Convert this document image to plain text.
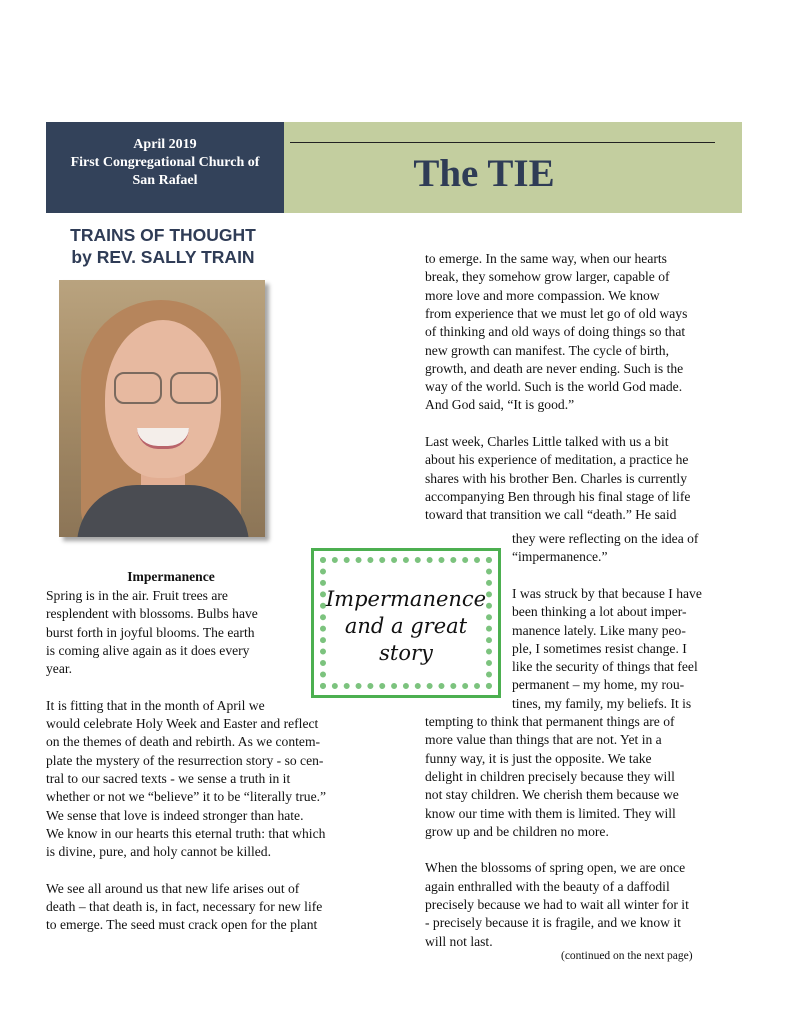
April 2019
First Congregational Church of
San Rafael	The TIE
TRAINS OF THOUGHT
by REV. SALLY TRAIN
Impermanence
Spring is in the air. Fruit trees are
resplendent with blossoms. Bulbs have
burst forth in joyful blooms. The earth
is coming alive again as it does every
year.
It is fitting that in the month of April we
would celebrate Holy Week and Easter and reflect
on the themes of death and rebirth. As we contem-
plate the mystery of the resurrection story - so cen-
tral to our sacred texts - we sense a truth in it
whether or not we “believe” it to be “literally true.”
We sense that love is indeed stronger than hate.
We know in our hearts this eternal truth: that which
is divine, pure, and holy cannot be killed.
We see all around us that new life arises out of
death – that death is, in fact, necessary for new life
to emerge. The seed must crack open for the plant
to emerge. In the same way, when our hearts
break, they somehow grow larger, capable of
more love and more compassion. We know
from experience that we must let go of old ways
of thinking and old ways of doing things so that
new growth can manifest. The cycle of birth,
growth, and death are never ending. Such is the
way of the world. Such is the world God made.
And God said, “It is good.”
Last week, Charles Little talked with us a bit
about his experience of meditation, a practice he
shares with his brother Ben. Charles is currently
accompanying Ben through his final stage of life
toward that transition we call “death.” He said
they were reflecting on the idea of
“impermanence.”
I was struck by that because I have
been thinking a lot about imper-
manence lately. Like many peo-
ple, I sometimes resist change. I
like the security of things that feel
permanent – my home, my rou-
tines, my family, my beliefs. It is
tempting to think that permanent things are of
more value than things that are not. Yet in a
funny way, it is just the opposite. We take
delight in children precisely because they will
not stay children. We cherish them because we
know our time with them is limited. They will
grow up and be children no more.
When the blossoms of spring open, we are once
again enthralled with the beauty of a daffodil
precisely because we had to wait all winter for it
- precisely because it is fragile, and we know it
will not last.
Impermanence
and a great
story
(continued on the next page)
